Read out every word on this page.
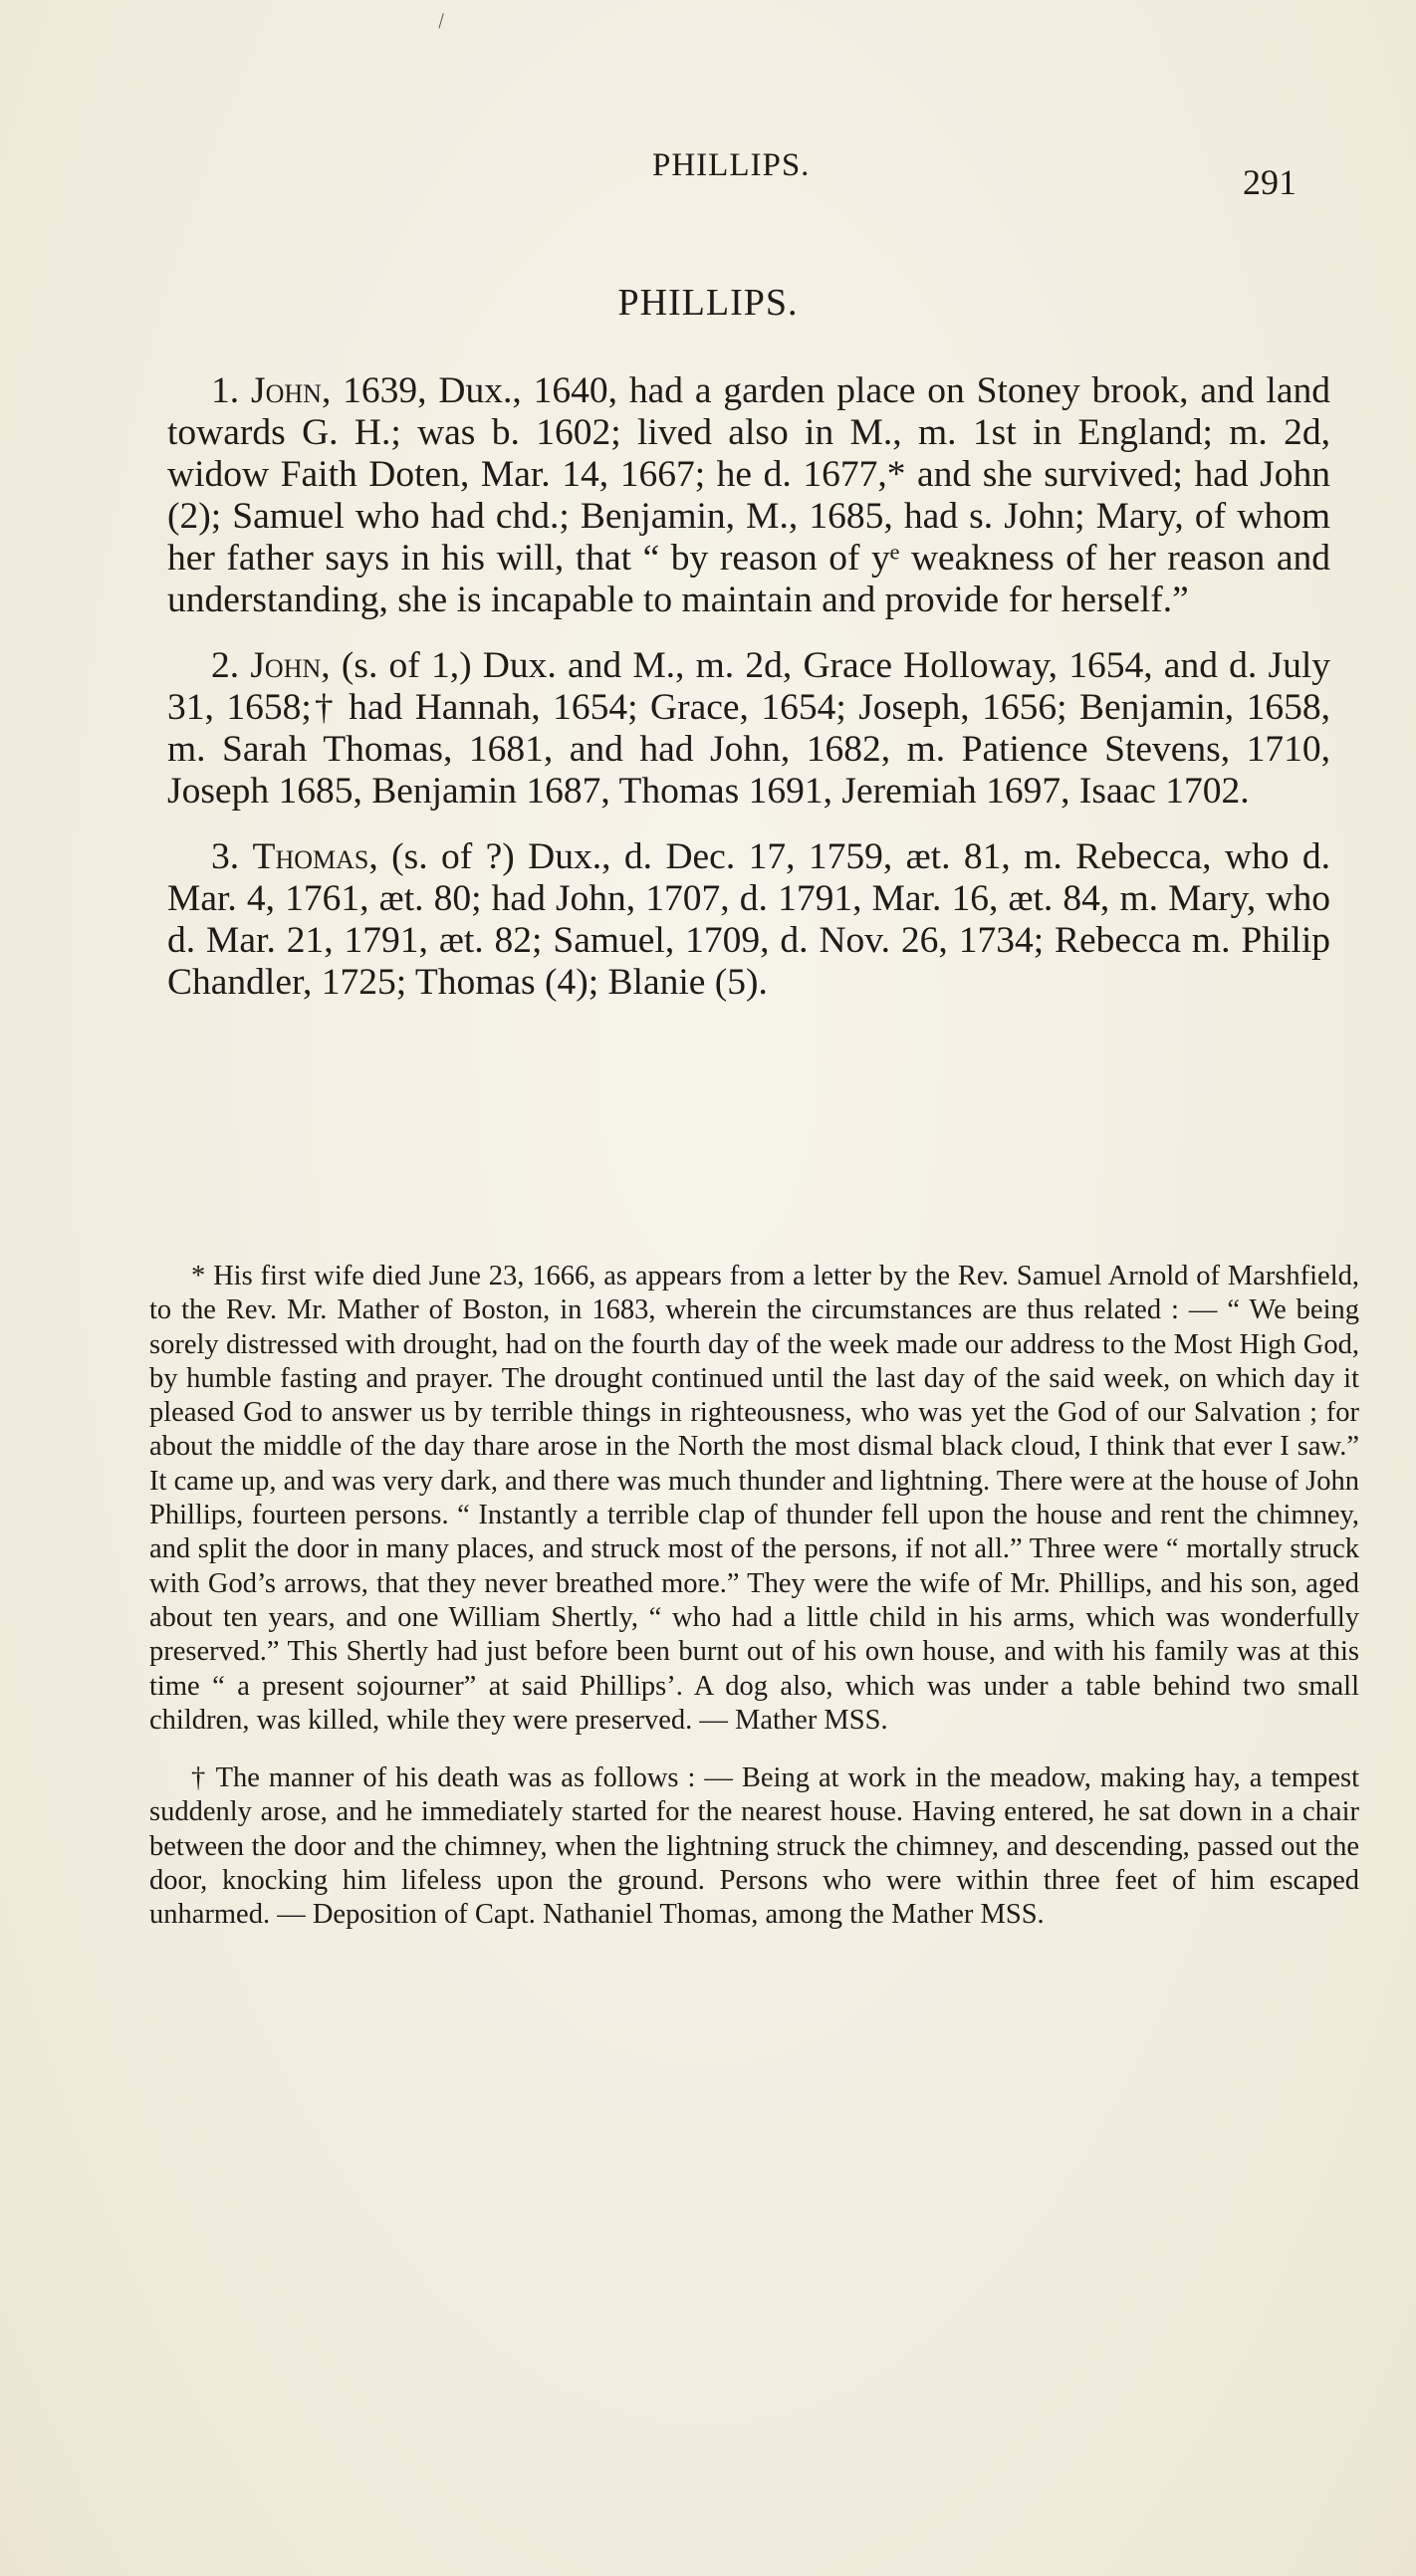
\
PHILLIPS.	291
PHILLIPS.

1. John, 1639, Dux., 1640, had a garden place on Stoney brook, and land towards G. H.; was b. 1602; lived also in M., m. 1st in England; m. 2d, widow Faith Doten, Mar. 14, 1667; he d. 1677,* and she survived; had John (2); Samuel who had chd.; Benjamin, M., 1685, had s. John; Mary, of whom her father says in his will, that “ by reason of yᵉ weakness of her reason and understanding, she is incapable to maintain and provide for herself.”

2. John, (s. of 1,) Dux. and M., m. 2d, Grace Holloway, 1654, and d. July 31, 1658;† had Hannah, 1654; Grace, 1654; Joseph, 1656; Benjamin, 1658, m. Sarah Thomas, 1681, and had John, 1682, m. Patience Stevens, 1710, Joseph 1685, Benjamin 1687, Thomas 1691, Jeremiah 1697, Isaac 1702.

3. Thomas, (s. of ?) Dux., d. Dec. 17, 1759, æt. 81, m. Rebecca, who d. Mar. 4, 1761, æt. 80; had John, 1707, d. 1791, Mar. 16, æt. 84, m. Mary, who d. Mar. 21, 1791, æt. 82; Samuel, 1709, d. Nov. 26, 1734; Rebecca m. Philip Chandler, 1725; Thomas (4); Blanie (5).

* His first wife died June 23, 1666, as appears from a letter by the Rev. Samuel Arnold of Marshfield, to the Rev. Mr. Mather of Boston, in 1683, wherein the circumstances are thus related : — “ We being sorely distressed with drought, had on the fourth day of the week made our address to the Most High God, by humble fasting and prayer. The drought continued until the last day of the said week, on which day it pleased God to answer us by terrible things in righteousness, who was yet the God of our Salvation ; for about the middle of the day thare arose in the North the most dismal black cloud, I think that ever I saw.” It came up, and was very dark, and there was much thunder and lightning. There were at the house of John Phillips, fourteen persons. “ Instantly a terrible clap of thunder fell upon the house and rent the chimney, and split the door in many places, and struck most of the persons, if not all.” Three were “ mortally struck with God’s arrows, that they never breathed more.” They were the wife of Mr. Phillips, and his son, aged about ten years, and one William Shertly, “ who had a little child in his arms, which was wonderfully preserved.” This Shertly had just before been burnt out of his own house, and with his family was at this time “ a present sojourner” at said Phillips’. A dog also, which was under a table behind two small children, was killed, while they were preserved. — Mather MSS.

† The manner of his death was as follows : — Being at work in the meadow, making hay, a tempest suddenly arose, and he immediately started for the nearest house. Having entered, he sat down in a chair between the door and the chimney, when the lightning struck the chimney, and descending, passed out the door, knocking him lifeless upon the ground. Persons who were within three feet of him escaped unharmed. — Deposition of Capt. Nathaniel Thomas, among the Mather MSS.
